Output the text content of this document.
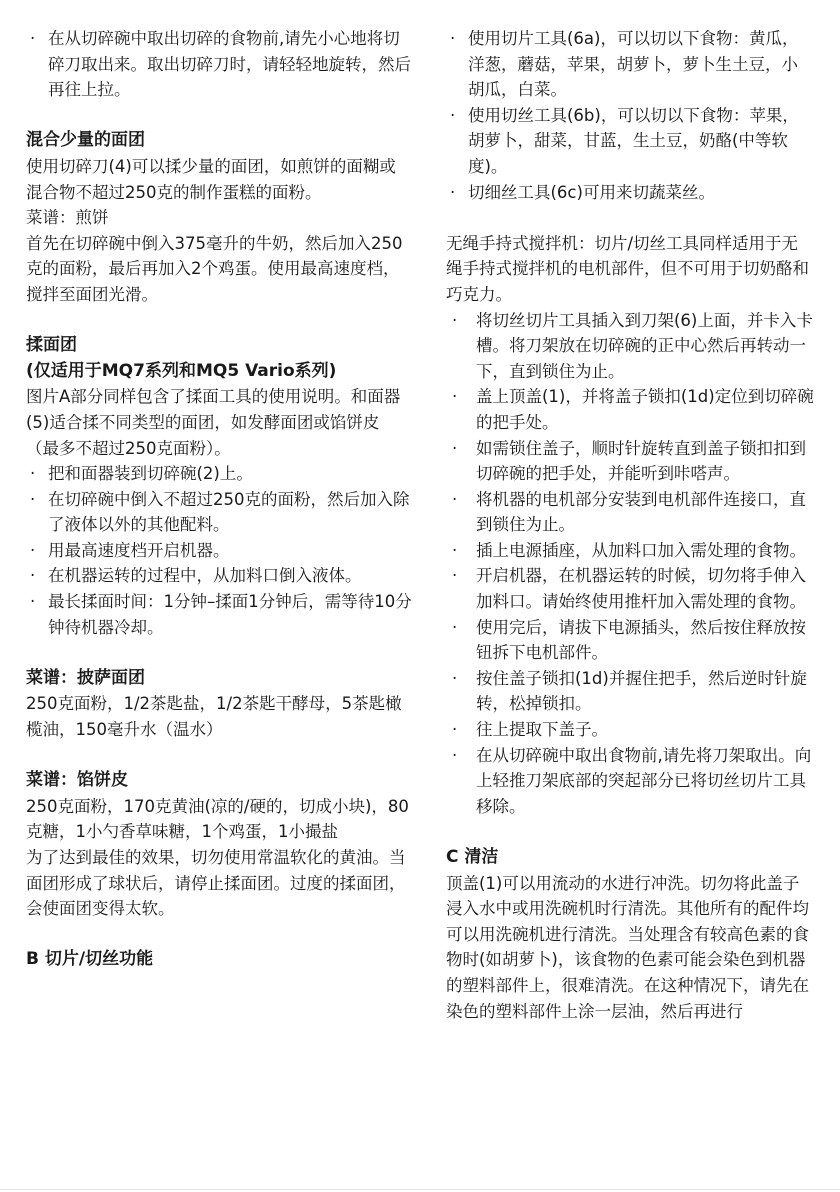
· 在从切碎碗中取出切碎的食物前,请先小心地将切碎刀取出来。取出切碎刀时，请轻轻地旋转，然后再往上拉。
混合少量的面团

使用切碎刀(4)可以揉少量的面团，如煎饼的面糊或混合物不超过250克的制作蛋糕的面粉。

菜谱：煎饼

首先在切碎碗中倒入375毫升的牛奶，然后加入250克的面粉，最后再加入2个鸡蛋。使用最高速度档，搅拌至面团光滑。

揉面团
(仅适用于MQ7系列和MQ5 Vario系列)

图片A部分同样包含了揉面工具的使用说明。和面器(5)适合揉不同类型的面团，如发酵面团或馅饼皮（最多不超过250克面粉）。

· 把和面器装到切碎碗(2)上。
· 在切碎碗中倒入不超过250克的面粉，然后加入除了液体以外的其他配料。
· 用最高速度档开启机器。
· 在机器运转的过程中，从加料口倒入液体。
· 最长揉面时间：1分钟–揉面1分钟后，需等待10分钟待机器冷却。
菜谱：披萨面团

250克面粉，1/2茶匙盐，1/2茶匙干酵母，5茶匙橄榄油，150毫升水（温水）

菜谱：馅饼皮

250克面粉，170克黄油(凉的/硬的，切成小块)，80克糖，1小勺香草味糖，1个鸡蛋，1小撮盐

为了达到最佳的效果，切勿使用常温软化的黄油。当面团形成了球状后，请停止揉面团。过度的揉面团，会使面团变得太软。

B 切片/切丝功能
· 使用切片工具(6a)，可以切以下食物：黄瓜，洋葱，蘑菇，苹果，胡萝卜，萝卜生土豆，小胡瓜，白菜。
· 使用切丝工具(6b)，可以切以下食物：苹果，胡萝卜，甜菜，甘蓝，生土豆，奶酪(中等软度)。
· 切细丝工具(6c)可用来切蔬菜丝。

无绳手持式搅拌机：切片/切丝工具同样适用于无绳手持式搅拌机的电机部件，但不可用于切奶酪和巧克力。

· 将切丝切片工具插入到刀架(6)上面，并卡入卡槽。将刀架放在切碎碗的正中心然后再转动一下，直到锁住为止。
· 盖上顶盖(1)，并将盖子锁扣(1d)定位到切碎碗的把手处。
· 如需锁住盖子，顺时针旋转直到盖子锁扣扣到切碎碗的把手处，并能听到咔嗒声。
· 将机器的电机部分安装到电机部件连接口，直到锁住为止。
· 插上电源插座，从加料口加入需处理的食物。
· 开启机器，在机器运转的时候，切勿将手伸入加料口。请始终使用推杆加入需处理的食物。
· 使用完后，请拔下电源插头，然后按住释放按钮拆下电机部件。
· 按住盖子锁扣(1d)并握住把手，然后逆时针旋转，松掉锁扣。
· 往上提取下盖子。
· 在从切碎碗中取出食物前,请先将刀架取出。向上轻推刀架底部的突起部分已将切丝切片工具移除。
C 清洁

顶盖(1)可以用流动的水进行冲洗。切勿将此盖子浸入水中或用洗碗机时行清洗。其他所有的配件均可以用洗碗机进行清洗。当处理含有较高色素的食物时(如胡萝卜)，该食物的色素可能会染色到机器的塑料部件上，很难清洗。在这种情况下，请先在染色的塑料部件上涂一层油，然后再进行
